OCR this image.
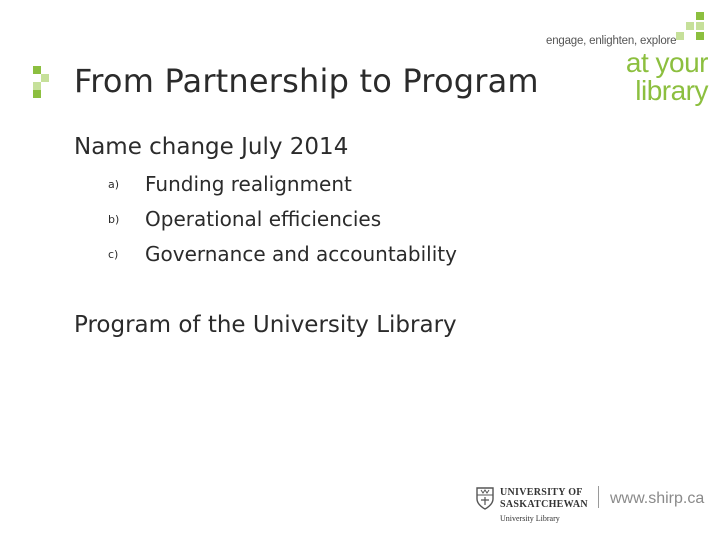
From Partnership to Program
engage, enlighten, explore
at your
library
Name change July 2014
a) Funding realignment
b) Operational efficiencies
c) Governance and accountability
Program of the University Library
UNIVERSITY OF
SASKATCHEWAN
University Library
www.shirp.ca
